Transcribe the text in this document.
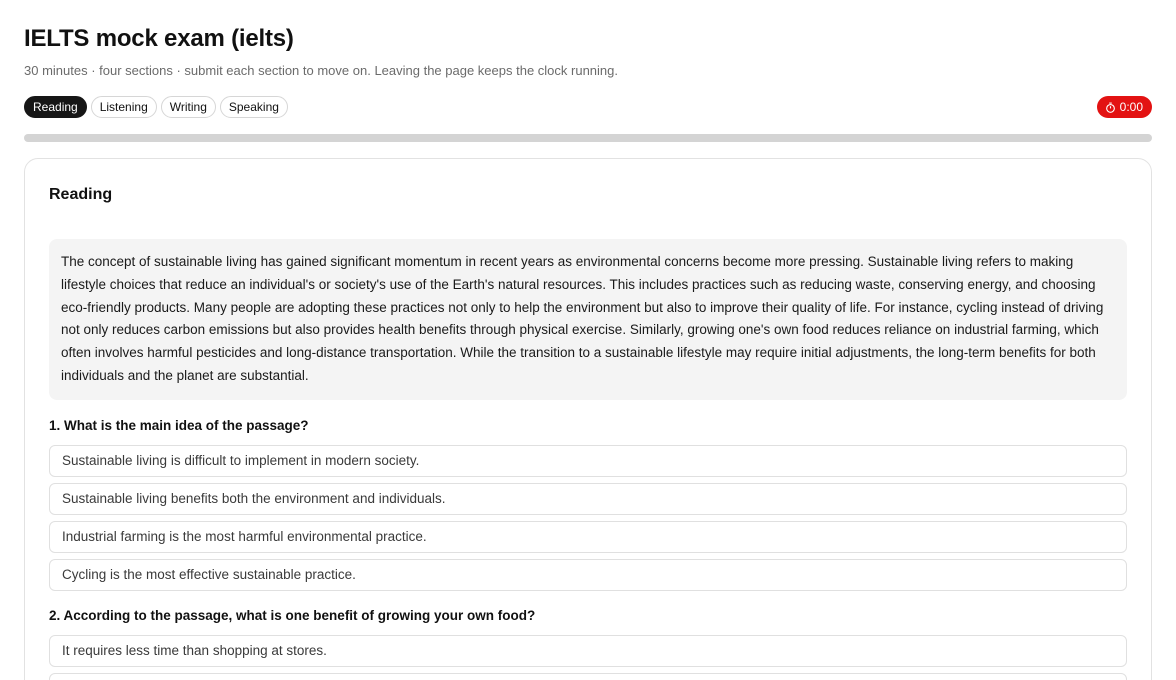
IELTS mock exam (ielts)
30 minutes · four sections · submit each section to move on. Leaving the page keeps the clock running.
Reading	Listening	Writing	Speaking	0:00
Reading
The concept of sustainable living has gained significant momentum in recent years as environmental concerns become more pressing. Sustainable living refers to making lifestyle choices that reduce an individual's or society's use of the Earth's natural resources. This includes practices such as reducing waste, conserving energy, and choosing eco-friendly products. Many people are adopting these practices not only to help the environment but also to improve their quality of life. For instance, cycling instead of driving not only reduces carbon emissions but also provides health benefits through physical exercise. Similarly, growing one's own food reduces reliance on industrial farming, which often involves harmful pesticides and long-distance transportation. While the transition to a sustainable lifestyle may require initial adjustments, the long-term benefits for both individuals and the planet are substantial.
1. What is the main idea of the passage?
Sustainable living is difficult to implement in modern society.
Sustainable living benefits both the environment and individuals.
Industrial farming is the most harmful environmental practice.
Cycling is the most effective sustainable practice.
2. According to the passage, what is one benefit of growing your own food?
It requires less time than shopping at stores.
